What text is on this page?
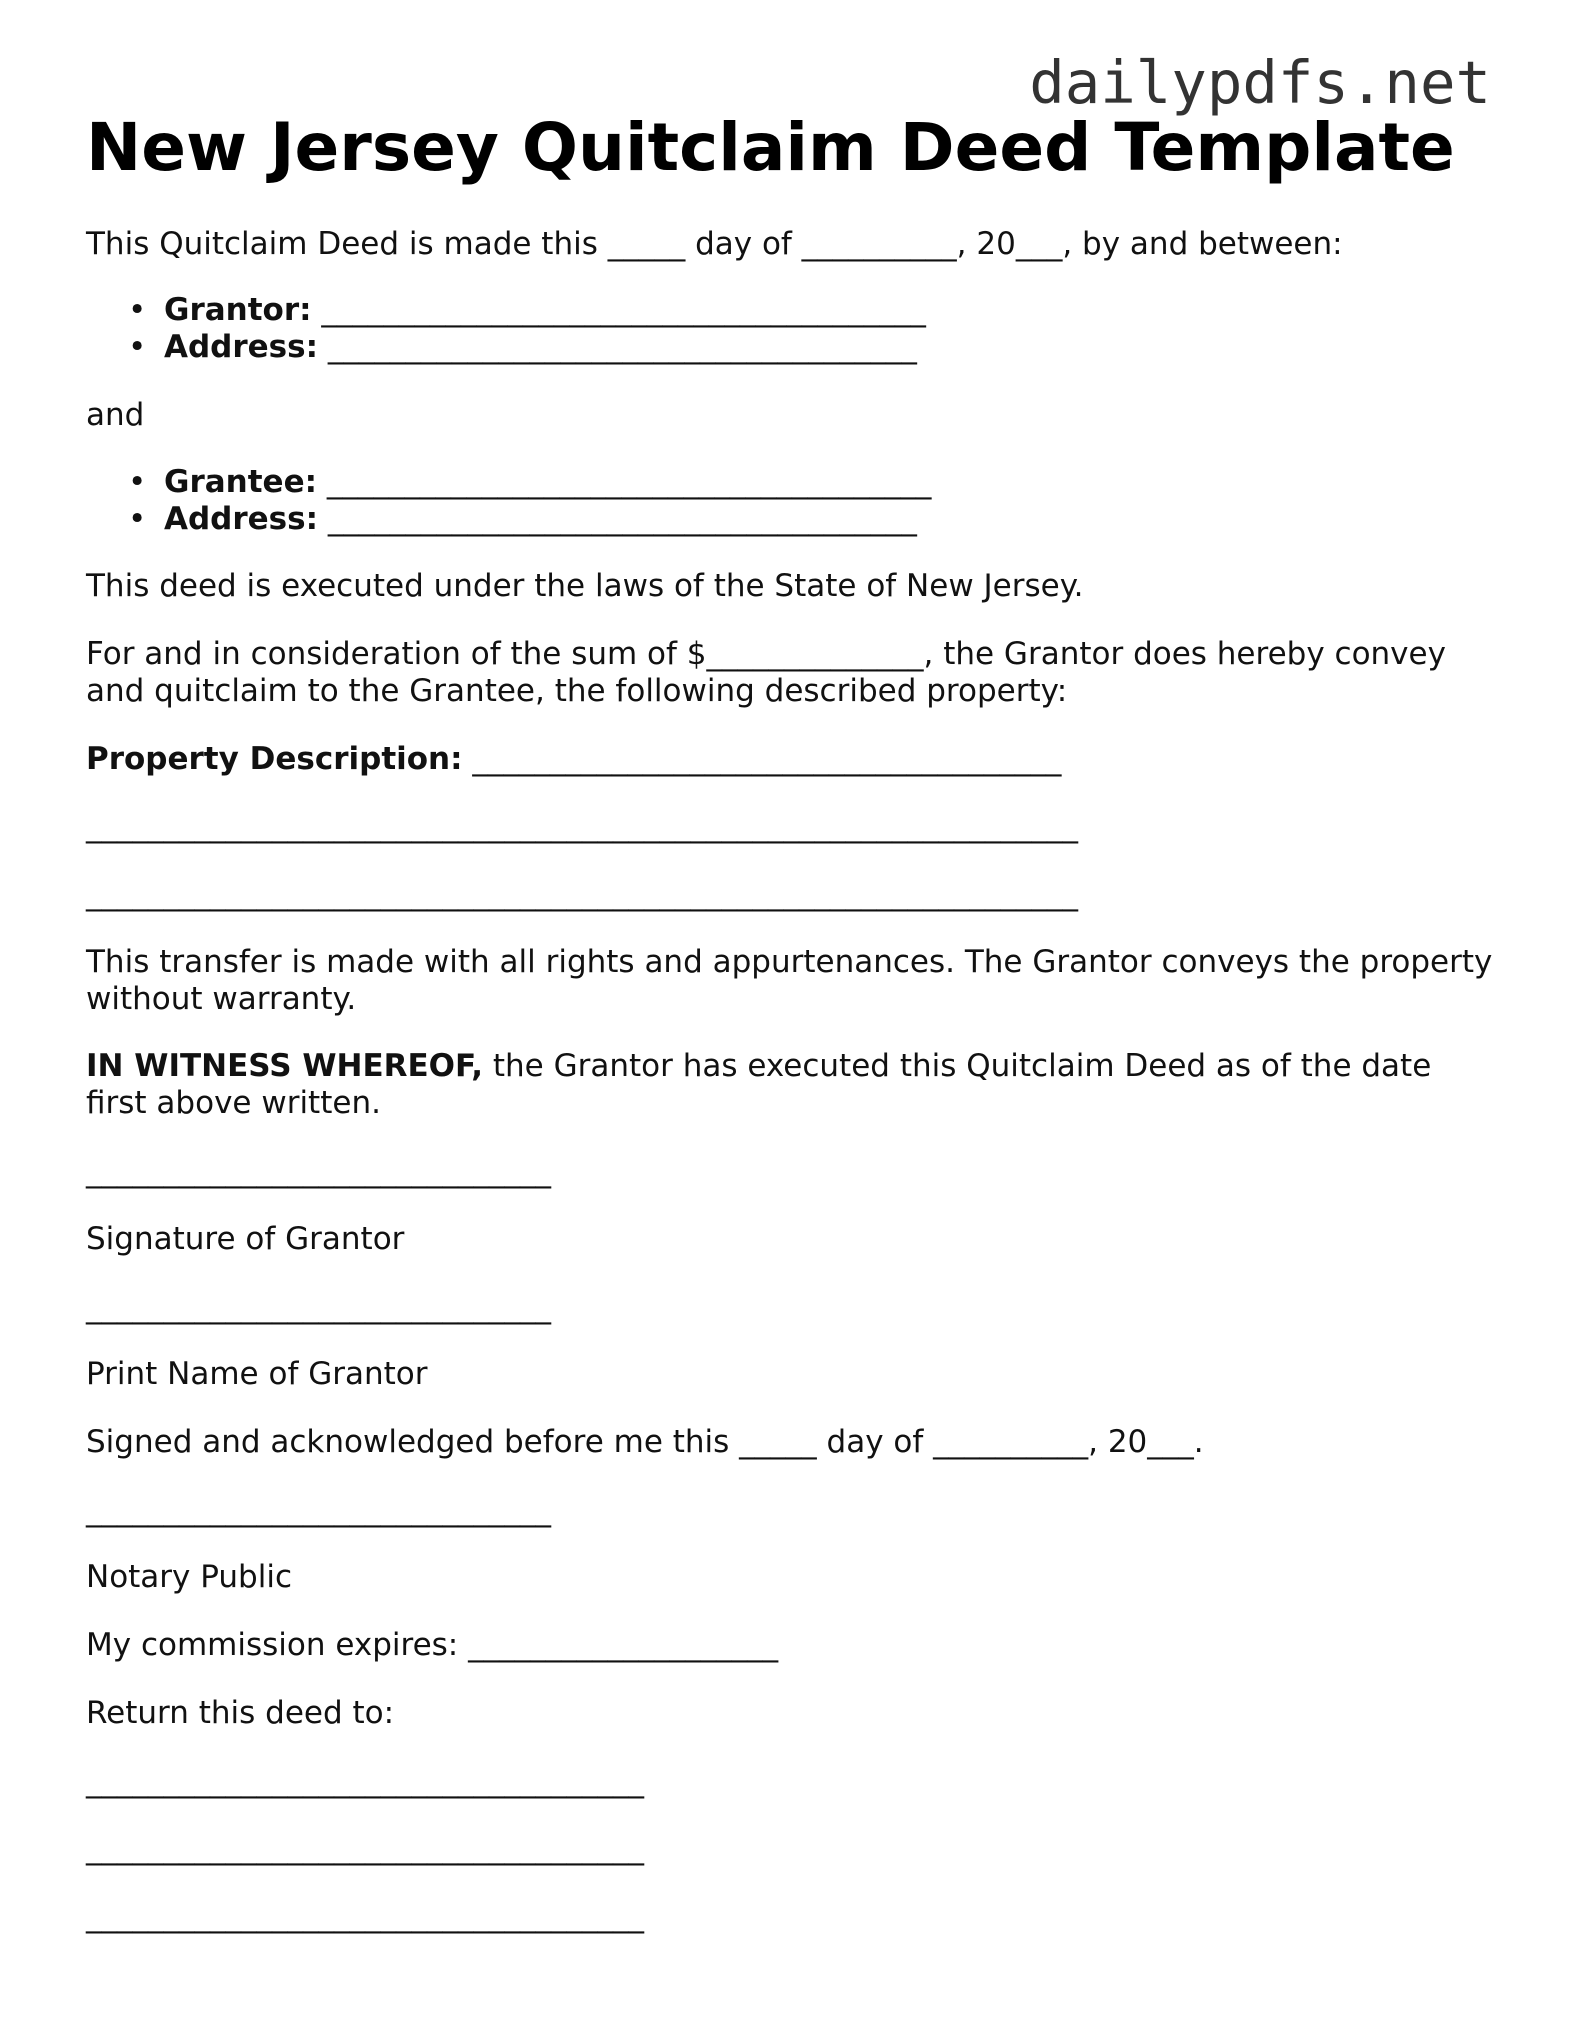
dailypdfs.net
New Jersey Quitclaim Deed Template

This Quitclaim Deed is made this _____ day of __________, 20___, by and between:

•

Grantor: _______________________________________

•

Address: ______________________________________

and

•

Grantee: _______________________________________

•

Address: ______________________________________

This deed is executed under the laws of the State of New Jersey.

For and in consideration of the sum of $______________, the Grantor does hereby convey

and quitclaim to the Grantee, the following described property:

Property Description: ______________________________________

________________________________________________________________

________________________________________________________________

This transfer is made with all rights and appurtenances. The Grantor conveys the property

without warranty.

IN WITNESS WHEREOF, the Grantor has executed this Quitclaim Deed as of the date

first above written.

______________________________

Signature of Grantor

______________________________

Print Name of Grantor

Signed and acknowledged before me this _____ day of __________, 20___.

______________________________

Notary Public

My commission expires: ____________________

Return this deed to:

____________________________________

____________________________________

____________________________________
